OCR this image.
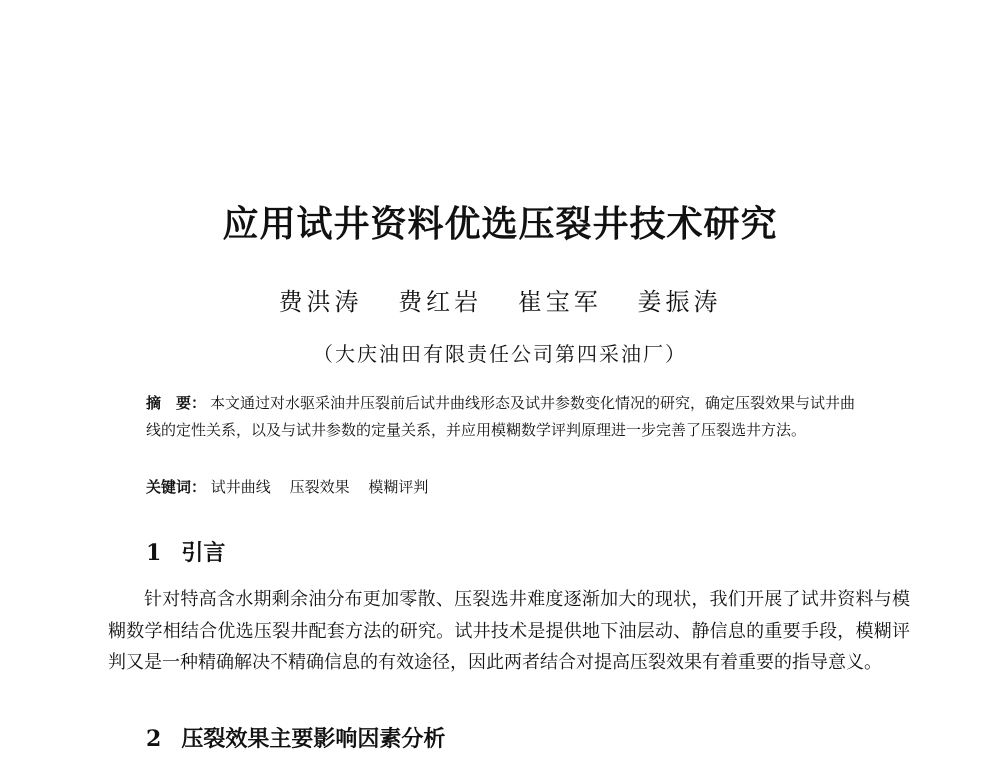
应用试井资料优选压裂井技术研究
费洪涛 费红岩 崔宝军 姜振涛
（大庆油田有限责任公司第四采油厂）
摘　要： 本文通过对水驱采油井压裂前后试井曲线形态及试井参数变化情况的研究，确定压裂效果与试井曲线的定性关系，以及与试井参数的定量关系，并应用模糊数学评判原理进一步完善了压裂选井方法。
关键词： 试井曲线 压裂效果 模糊评判
1 引言
针对特高含水期剩余油分布更加零散、压裂选井难度逐渐加大的现状，我们开展了试井资料与模糊数学相结合优选压裂井配套方法的研究。试井技术是提供地下油层动、静信息的重要手段，模糊评判又是一种精确解决不精确信息的有效途径，因此两者结合对提高压裂效果有着重要的指导意义。
2 压裂效果主要影响因素分析
